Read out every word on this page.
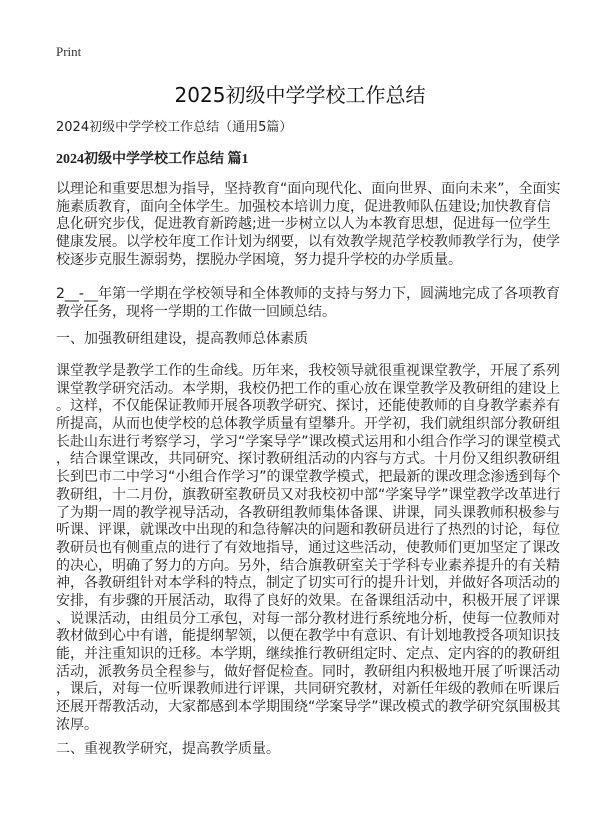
Print
2025初级中学学校工作总结
2024初级中学学校工作总结（通用5篇）
2024初级中学学校工作总结 篇1
以理论和重要思想为指导，坚持教育“面向现代化、面向世界、面向未来”，全面实
施素质教育，面向全体学生。加强校本培训力度，促进教师队伍建设;加快教育信
息化研究步伐，促进教育新跨越;进一步树立以人为本教育思想，促进每一位学生
健康发展。以学校年度工作计划为纲要，以有效教学规范学校教师教学行为，使学
校逐步克服生源弱势，摆脱办学困境，努力提升学校的办学质量。
2__-__年第一学期在学校领导和全体教师的支持与努力下，圆满地完成了各项教育
教学任务，现将一学期的工作做一回顾总结。
一、加强教研组建设，提高教师总体素质
课堂教学是教学工作的生命线。历年来，我校领导就很重视课堂教学，开展了系列
课堂教学研究活动。本学期，我校仍把工作的重心放在课堂教学及教研组的建设上
。这样，不仅能保证教师开展各项教学研究、探讨，还能使教师的自身教学素养有
所提高，从而也使学校的总体教学质量有望攀升。开学初，我们就组织部分教研组
长赴山东进行考察学习，学习“学案导学”课改模式运用和小组合作学习的课堂模式
，结合课堂课改，共同研究、探讨教研组活动的内容与方式。十月份又组织教研组
长到巴市二中学习“小组合作学习”的课堂教学模式，把最新的课改理念渗透到每个
教研组，十二月份，旗教研室教研员又对我校初中部“学案导学”课堂教学改革进行
了为期一周的教学视导活动，各教研组教师集体备课、讲课，同头课教师积极参与
听课、评课，就课改中出现的和急待解决的问题和教研员进行了热烈的讨论，每位
教研员也有侧重点的进行了有效地指导，通过这些活动，使教师们更加坚定了课改
的决心，明确了努力的方向。另外，结合旗教研室关于学科专业素养提升的有关精
神，各教研组针对本学科的特点，制定了切实可行的提升计划，并做好各项活动的
安排，有步骤的开展活动，取得了良好的效果。在备课组活动中，积极开展了评课
、说课活动，由组员分工承包，对每一部分教材进行系统地分析，使每一位教师对
教材做到心中有谱，能提纲挈领，以便在教学中有意识、有计划地教授各项知识技
能，并注重知识的迁移。本学期，继续推行教研组定时、定点、定内容的的教研组
活动，派教务员全程参与，做好督促检查。同时，教研组内积极地开展了听课活动
，课后，对每一位听课教师进行评课，共同研究教材，对新任年级的教师在听课后
还展开帮教活动，大家都感到本学期围绕“学案导学”课改模式的教学研究氛围极其
浓厚。
二、重视教学研究，提高教学质量。
